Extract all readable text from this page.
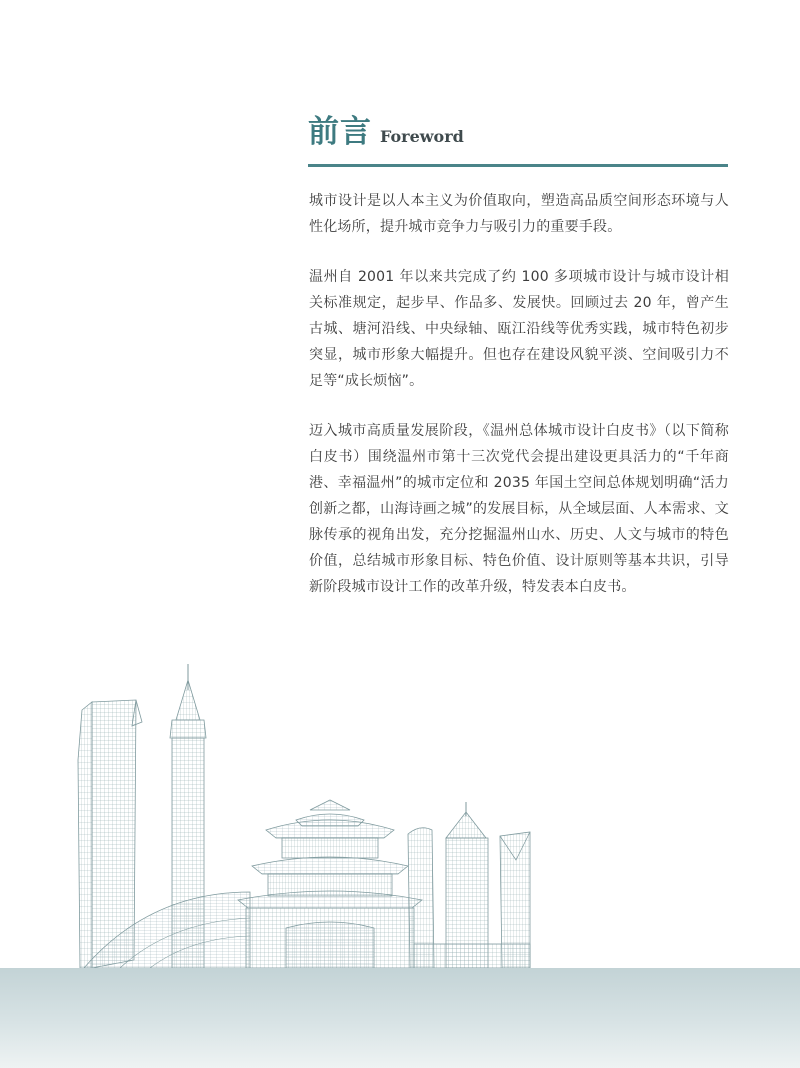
前言 Foreword

城市设计是以人本主义为价值取向，塑造高品质空间形态环境与人性化场所，提升城市竞争力与吸引力的重要手段。

温州自 2001 年以来共完成了约 100 多项城市设计与城市设计相关标准规定，起步早、作品多、发展快。回顾过去 20 年，曾产生古城、塘河沿线、中央绿轴、瓯江沿线等优秀实践，城市特色初步突显，城市形象大幅提升。但也存在建设风貌平淡、空间吸引力不足等“成长烦恼”。

迈入城市高质量发展阶段，《温州总体城市设计白皮书》（以下简称白皮书）围绕温州市第十三次党代会提出建设更具活力的“千年商港、幸福温州”的城市定位和 2035 年国土空间总体规划明确“活力创新之都，山海诗画之城”的发展目标，从全域层面、人本需求、文脉传承的视角出发，充分挖掘温州山水、历史、人文与城市的特色价值，总结城市形象目标、特色价值、设计原则等基本共识，引导新阶段城市设计工作的改革升级，特发表本白皮书。
